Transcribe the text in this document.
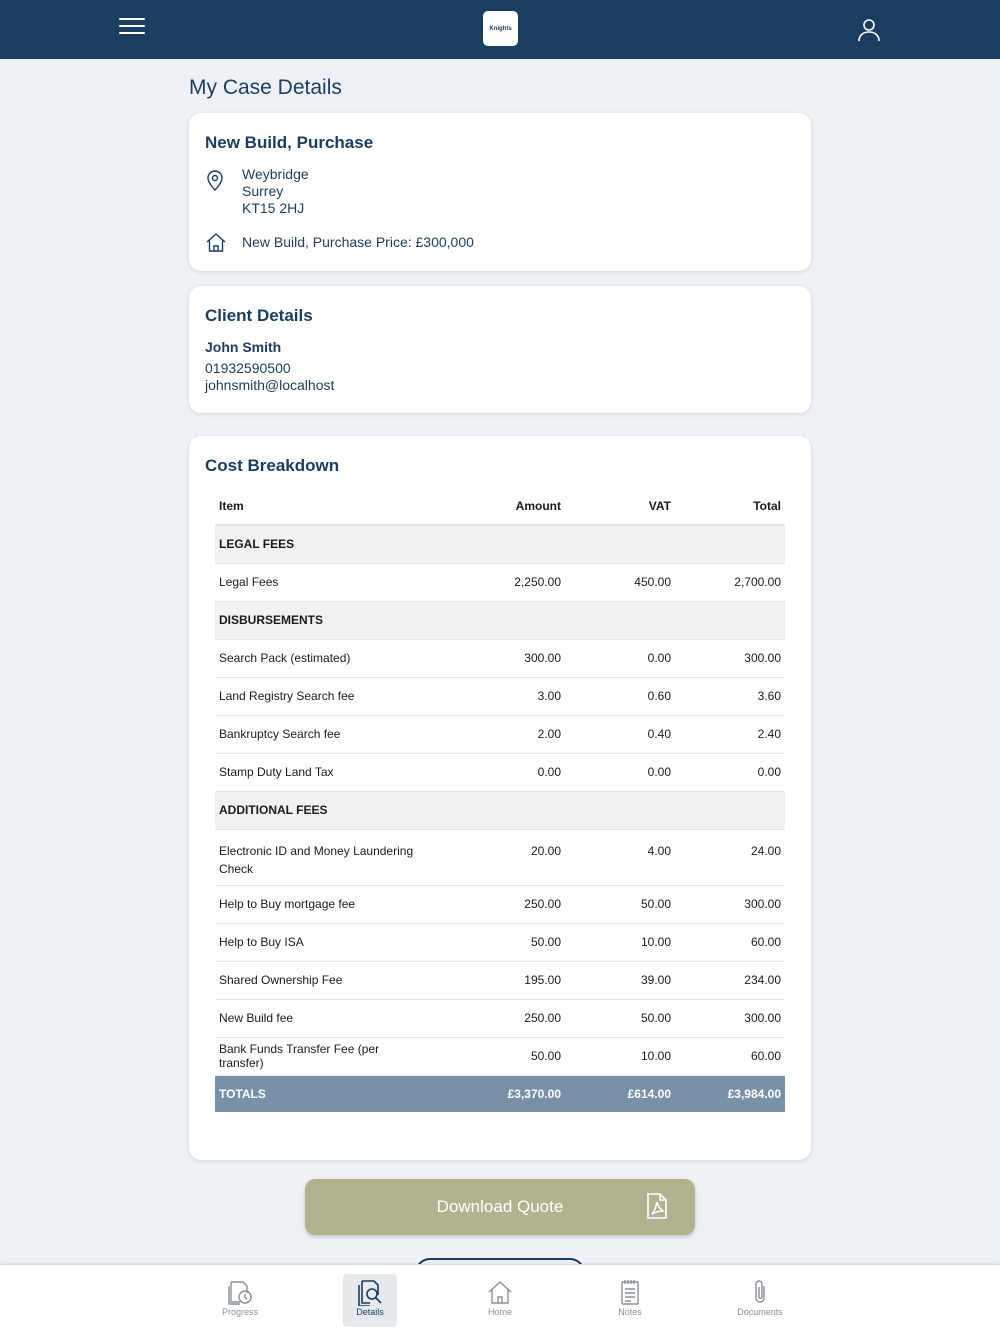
Knights
My Case Details
New Build, Purchase
Weybridge
Surrey
KT15 2HJ
New Build, Purchase Price: £300,000
Client Details
John Smith
01932590500
johnsmith@localhost
Cost Breakdown
Item	Amount	VAT	Total
LEGAL FEES			
Legal Fees	2,250.00	450.00	2,700.00
DISBURSEMENTS			
Search Pack (estimated)	300.00	0.00	300.00
Land Registry Search fee	3.00	0.60	3.60
Bankruptcy Search fee	2.00	0.40	2.40
Stamp Duty Land Tax	0.00	0.00	0.00
ADDITIONAL FEES			
Electronic ID and Money Laundering Check	20.00	4.00	24.00
Help to Buy mortgage fee	250.00	50.00	300.00
Help to Buy ISA	50.00	10.00	60.00
Shared Ownership Fee	195.00	39.00	234.00
New Build fee	250.00	50.00	300.00
Bank Funds Transfer Fee (per transfer)	50.00	10.00	60.00
TOTALS	£3,370.00	£614.00	£3,984.00
Download Quote
Progress	Details	Home	Notes	Documents
